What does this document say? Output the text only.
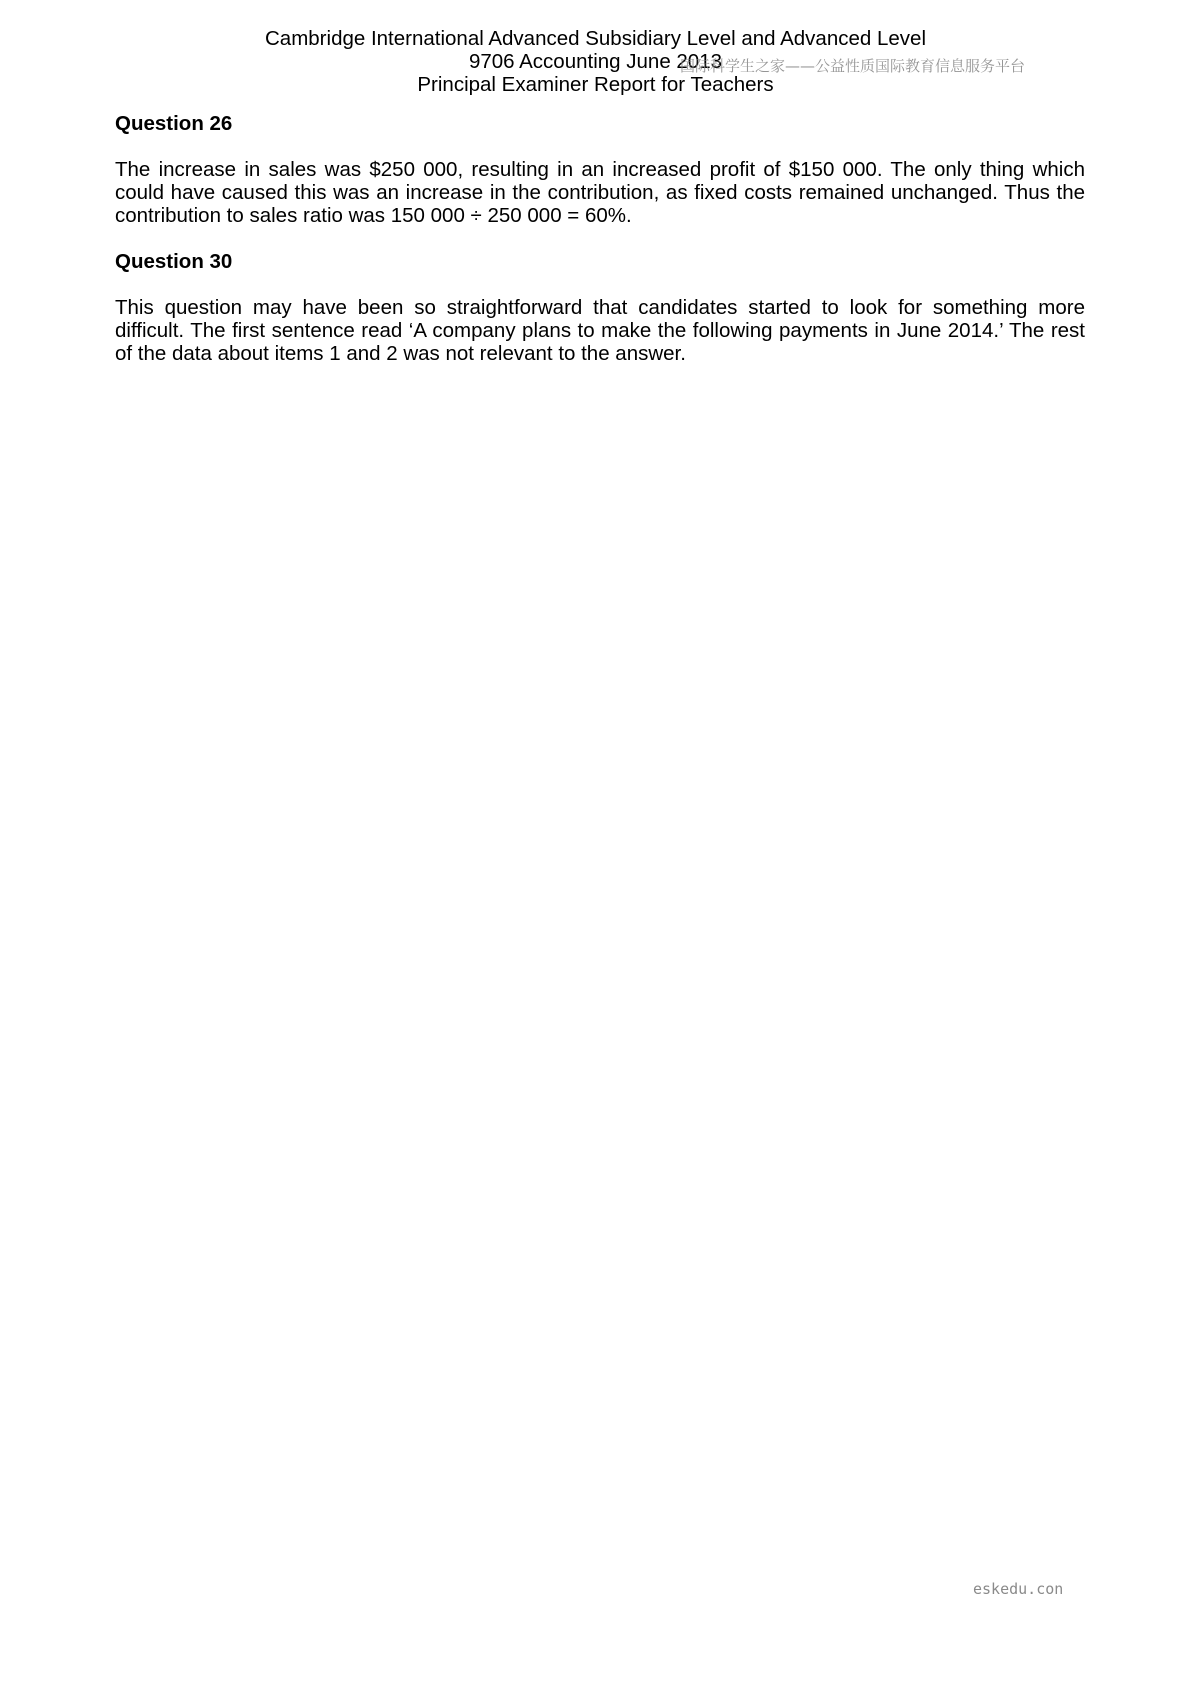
Cambridge International Advanced Subsidiary Level and Advanced Level
9706 Accounting June 2013
Principal Examiner Report for Teachers
国际科学生之家——公益性质国际教育信息服务平台

Question 26

The increase in sales was $250 000, resulting in an increased profit of $150 000. The only thing which could have caused this was an increase in the contribution, as fixed costs remained unchanged. Thus the contribution to sales ratio was 150 000 ÷ 250 000 = 60%.

Question 30

This question may have been so straightforward that candidates started to look for something more difficult. The first sentence read ‘A company plans to make the following payments in June 2014.’ The rest of the data about items 1 and 2 was not relevant to the answer.

eskedu.con
